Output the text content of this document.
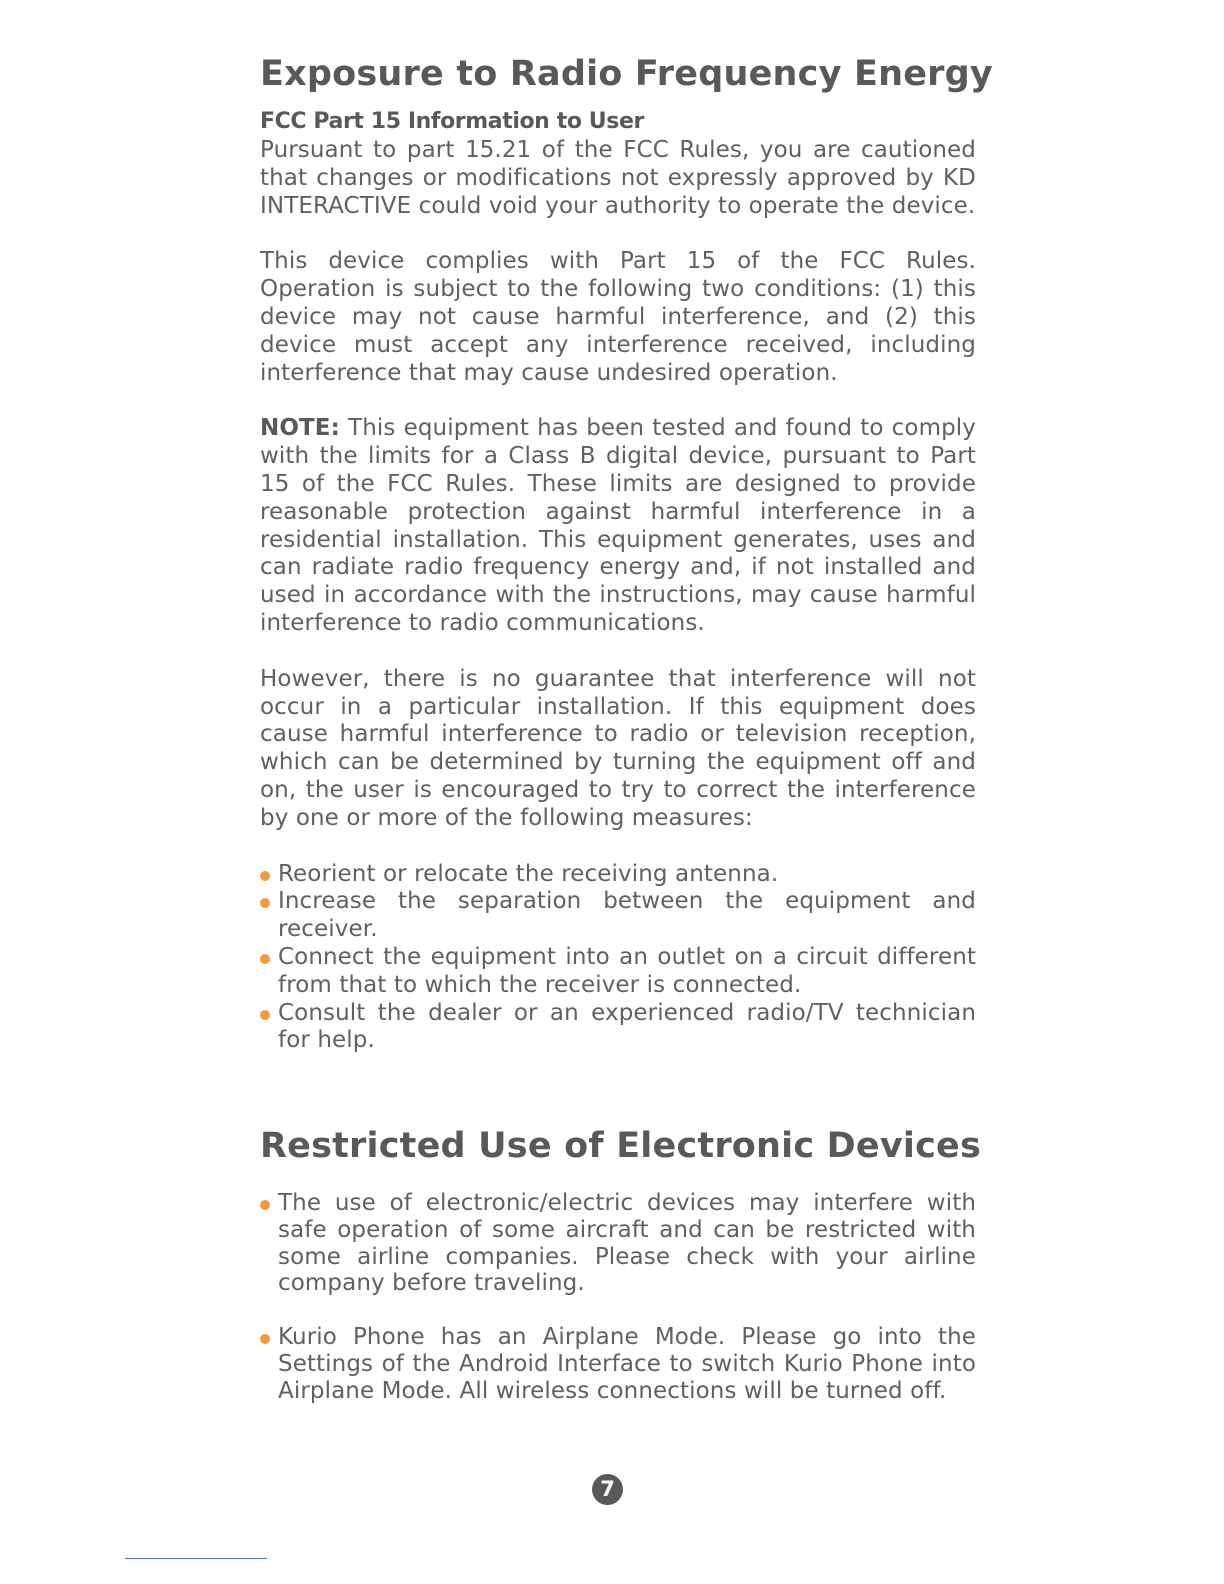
Exposure to Radio Frequency Energy
FCC Part 15 Information to User

Pursuant to part 15.21 of the FCC Rules, you are cautioned that changes or modifications not expressly approved by KD INTERACTIVE could void your authority to operate the device.

This device complies with Part 15 of the FCC Rules. Operation is subject to the following two conditions: (1) this device may not cause harmful interference, and (2) this device must accept any interference received, including interference that may cause undesired operation.

NOTE: This equipment has been tested and found to comply with the limits for a Class B digital device, pursuant to Part 15 of the FCC Rules. These limits are designed to provide reasonable protection against harmful interference in a residential installation. This equipment generates, uses and can radiate radio frequency energy and, if not installed and used in accordance with the instructions, may cause harmful interference to radio communications.

However, there is no guarantee that interference will not occur in a particular installation. If this equipment does cause harmful interference to radio or television reception, which can be determined by turning the equipment off and on, the user is encouraged to try to correct the interference by one or more of the following measures:

Reorient or relocate the receiving antenna.
Increase the separation between the equipment and receiver.
Connect the equipment into an outlet on a circuit different from that to which the receiver is connected.
Consult the dealer or an experienced radio/TV technician for help.
Restricted Use of Electronic Devices
The use of electronic/electric devices may interfere with safe operation of some aircraft and can be restricted with some airline companies. Please check with your airline company before traveling.
Kurio Phone has an Airplane Mode. Please go into the Settings of the Android Interface to switch Kurio Phone into Airplane Mode. All wireless connections will be turned off.
7
